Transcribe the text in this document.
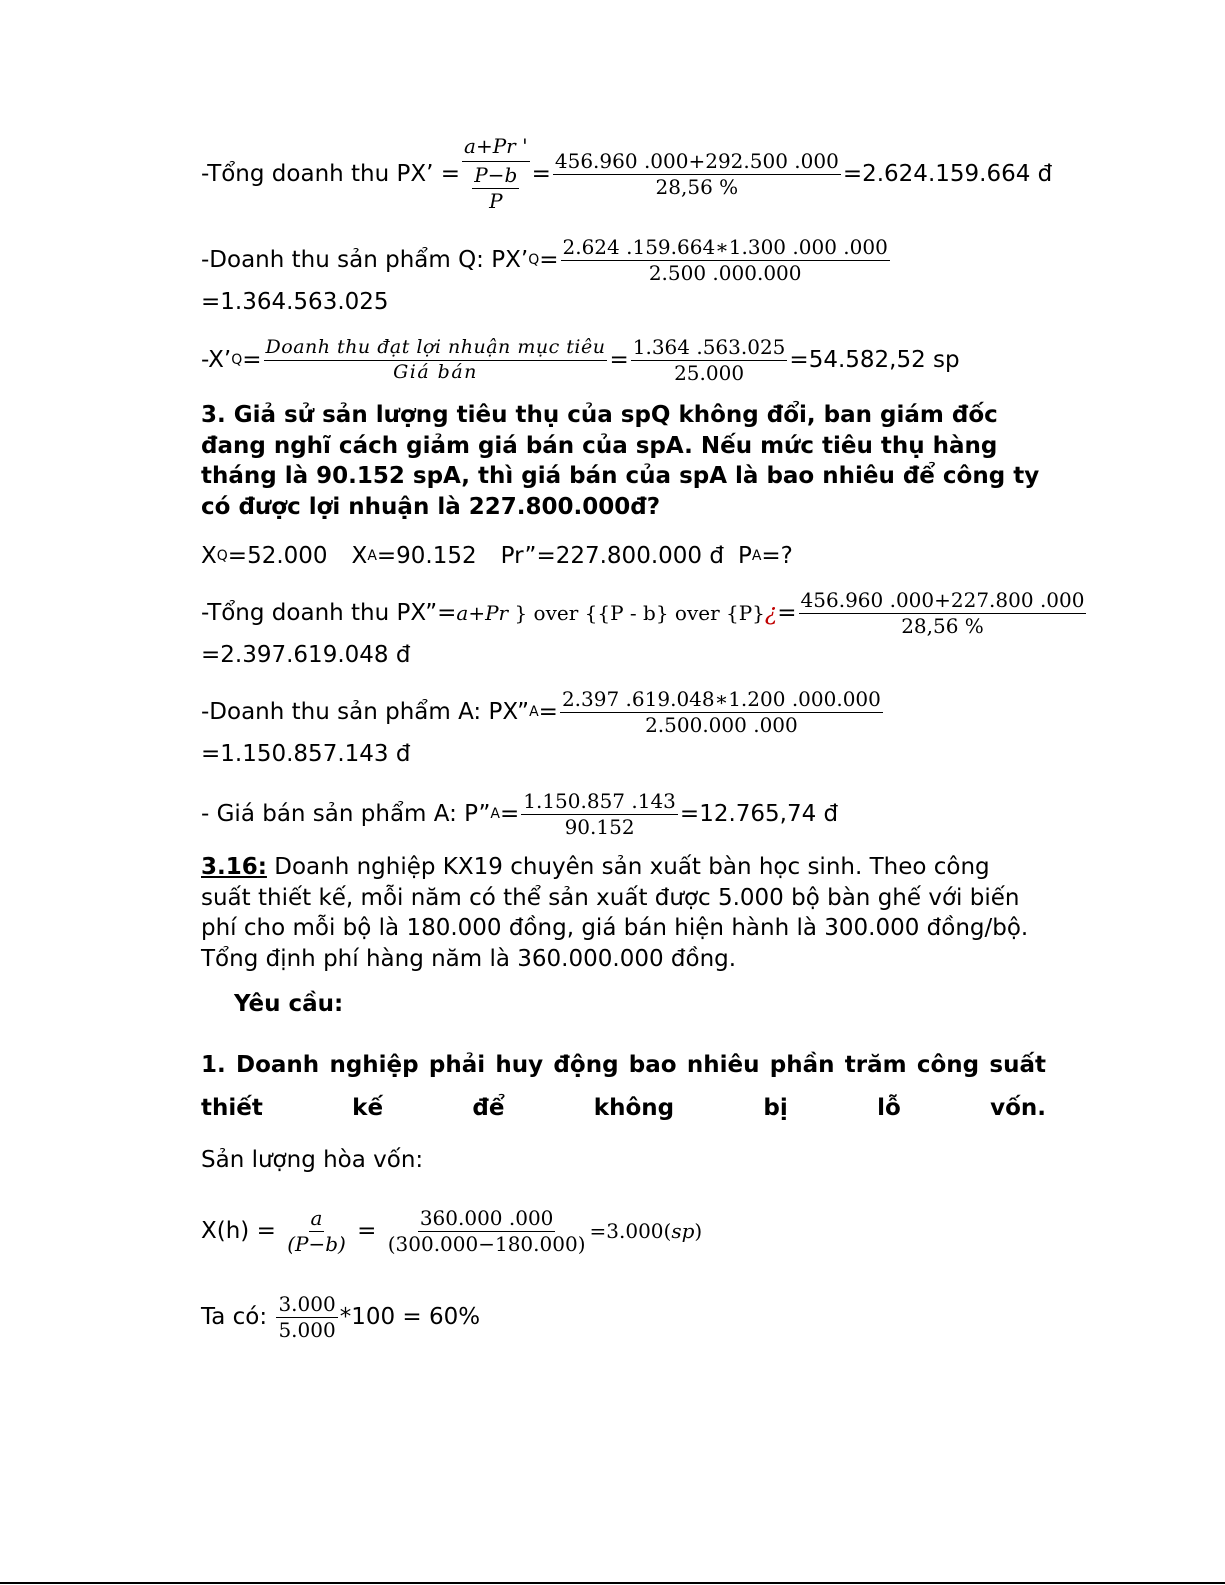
-Tổng doanh thu PX’ = $\frac{a+Pr '}{\frac{P-b}{P}} = \frac{456.960 .000+292.500 .000}{28,56 \%} =2.624.159.664$ đ
-Doanh thu sản phẩm Q: PX’ $Q = \frac{2.624 .159.664∗1.300 .000 .000}{2.500 .000.000}$
=1.364.563.025
-X’ $Q = \frac{\text{Doanh thu đạt lợi nhuận mục tiêu}}{\text{Giá bán}} = \frac{1.364 .563.025}{25.000} =54.582,52$ sp
3. Giả sử sản lượng tiêu thụ của spQ không đổi, ban giám đốc đang nghĩ cách giảm giá bán của spA. Nếu mức tiêu thụ hàng tháng là 90.152 spA, thì giá bán của spA là bao nhiêu để công ty có được lợi nhuận là 227.800.000đ?
X Q =52.000 X A =90.152 Pr”=227.800.000 đ P A =?
-Tổng doanh thu PX”= a+Pr } over {{P - b} over {P} ¿ = $\frac{456.960 .000+227.800 .000}{28,56 \%}$
=2.397.619.048 đ
-Doanh thu sản phẩm A: PX” $A = \frac{2.397 .619.048∗1.200 .000.000}{2.500.000 .000}$
=1.150.857.143 đ
- Giá bán sản phẩm A: P” $A = \frac{1.150.857 .143}{90.152} =12.765,74$ đ
3.16: Doanh nghiệp KX19 chuyên sản xuất bàn học sinh. Theo công suất thiết kế, mỗi năm có thể sản xuất được 5.000 bộ bàn ghế với biến phí cho mỗi bộ là 180.000 đồng, giá bán hiện hành là 300.000 đồng/bộ. Tổng định phí hàng năm là 360.000.000 đồng.
Yêu cầu:
1. Doanh nghiệp phải huy động bao nhiêu phần trăm công suất thiết kế để không bị lỗ vốn.
Sản lượng hòa vốn:
$X(h) = \frac{a}{(P-b)} = \frac{360.000 .000}{(300.000-180.000)} =3.000$( sp )
Ta có: $\frac{3.000}{5.000} *100 = 60\%$
